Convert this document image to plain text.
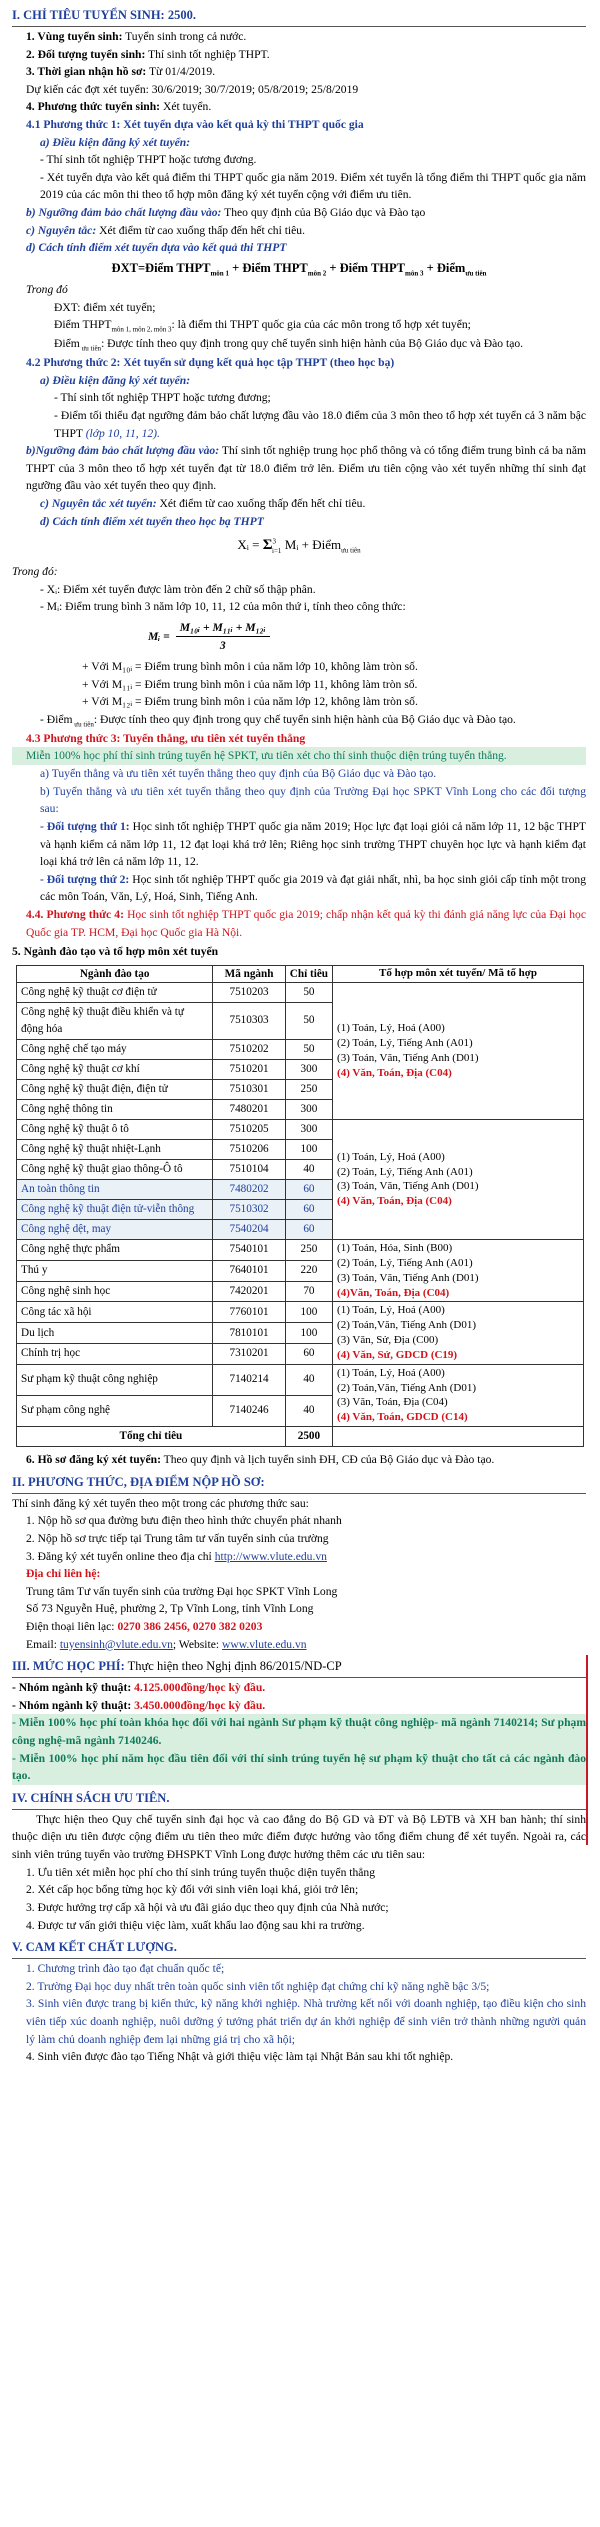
I. CHỈ TIÊU TUYỂN SINH: 2500.
1. Vùng tuyển sinh: Tuyển sinh trong cả nước.
2. Đối tượng tuyển sinh: Thí sinh tốt nghiệp THPT.
3. Thời gian nhận hồ sơ: Từ 01/4/2019.
Dự kiến các đợt xét tuyển: 30/6/2019; 30/7/2019; 05/8/2019; 25/8/2019
4. Phương thức tuyển sinh: Xét tuyển.
4.1 Phương thức 1: Xét tuyển dựa vào kết quả kỳ thi THPT quốc gia
a) Điều kiện đăng ký xét tuyển:
- Thí sinh tốt nghiệp THPT hoặc tương đương.
- Xét tuyển dựa vào kết quả điểm thi THPT quốc gia năm 2019. Điểm xét tuyển là tổng điểm thi THPT quốc gia năm 2019 của các môn thi theo tổ hợp môn đăng ký xét tuyển cộng với điểm ưu tiên.
b) Ngưỡng đảm bảo chất lượng đầu vào: Theo quy định của Bộ Giáo dục và Đào tạo
c) Nguyên tắc: Xét điểm từ cao xuống thấp đến hết chỉ tiêu.
d) Cách tính điểm xét tuyển dựa vào kết quả thi THPT
ĐXT=Điểm $THPT_{môn 1}$ + Điểm $THPT_{môn 2}$ + Điểm $THPT_{môn 3}$ + Điểm$_{ưu tiên}$
Trong đó
ĐXT: điểm xét tuyển;
Điểm $THPT_{môn 1, môn 2, môn 3}$: là điểm thi THPT quốc gia của các môn trong tổ hợp xét tuyển;
Điểm $_{ưu tiên}$: Được tính theo quy định trong quy chế tuyển sinh hiện hành của Bộ Giáo dục và Đào tạo.
4.2 Phương thức 2: Xét tuyển sử dụng kết quả học tập THPT (theo học bạ)
a) Điều kiện đăng ký xét tuyển:
- Thí sinh tốt nghiệp THPT hoặc tương đương;
- Điểm tối thiểu đạt ngưỡng đảm bảo chất lượng đầu vào 18.0 điểm của 3 môn theo tổ hợp xét tuyển cả 3 năm bậc THPT (lớp 10, 11, 12).
b)Ngưỡng đảm bảo chất lượng đầu vào: Thí sinh tốt nghiệp trung học phổ thông và có tổng điểm trung bình cả ba năm THPT của 3 môn theo tổ hợp xét tuyển đạt từ 18.0 điểm trở lên. Điểm ưu tiên cộng vào xét tuyển những thí sinh đạt ngưỡng đầu vào xét tuyển theo quy định.
c) Nguyên tắc xét tuyển: Xét điểm từ cao xuống thấp đến hết chỉ tiêu.
d) Cách tính điểm xét tuyển theo học bạ THPT
Xᵢ = $\Sigma^3_{i=1}$ Mᵢ + Điểm$_{ưu tiên}$
Trong đó:
- Xᵢ: Điểm xét tuyển được làm tròn đến 2 chữ số thập phân.
- Mᵢ: Điểm trung bình 3 năm lớp 10, 11, 12 của môn thứ i, tính theo công thức:
Mᵢ = $\frac{\text{M₁₀ᵢ + M₁₁ᵢ + M₁₂ᵢ}}{3}$
+ Với M₁₀ᵢ = Điểm trung bình môn i của năm lớp 10, không làm tròn số.
+ Với M₁₁ᵢ = Điểm trung bình môn i của năm lớp 11, không làm tròn số.
+ Với M₁₂ᵢ = Điểm trung bình môn i của năm lớp 12, không làm tròn số.
- Điểm $_{ưu tiên}$: Được tính theo quy định trong quy chế tuyển sinh hiện hành của Bộ Giáo dục và Đào tạo.
4.3 Phương thức 3: Tuyển thẳng, ưu tiên xét tuyển thẳng
Miễn 100% học phí thí sinh trúng tuyển hệ SPKT, ưu tiên xét cho thí sinh thuộc diện trúng tuyển thẳng.
a) Tuyển thẳng và ưu tiên xét tuyển thẳng theo quy định của Bộ Giáo dục và Đào tạo.
b) Tuyển thẳng và ưu tiên xét tuyển thẳng theo quy định của Trường Đại học SPKT Vĩnh Long cho các đối tượng sau:
- Đối tượng thứ 1: Học sinh tốt nghiệp THPT quốc gia năm 2019; Học lực đạt loại giỏi cả năm lớp 11, 12 bậc THPT và hạnh kiểm cả năm lớp 11, 12 đạt loại khá trở lên; Riêng học sinh trường THPT chuyên học lực và hạnh kiểm đạt loại khá trở lên cả năm lớp 11, 12.
- Đối tượng thứ 2: Học sinh tốt nghiệp THPT quốc gia 2019 và đạt giải nhất, nhì, ba học sinh giỏi cấp tỉnh một trong các môn Toán, Văn, Lý, Hoá, Sinh, Tiếng Anh.
4.4. Phương thức 4: Học sinh tốt nghiệp THPT quốc gia 2019; chấp nhận kết quả kỳ thi đánh giá năng lực của Đại học Quốc gia TP. HCM, Đại học Quốc gia Hà Nội.
5. Ngành đào tạo và tổ hợp môn xét tuyển
Ngành đào tạo	Mã ngành	Chỉ tiêu	Tổ hợp môn xét tuyển/ Mã tổ hợp
Công nghệ kỹ thuật cơ điện tử	7510203	50	(1) Toán, Lý, Hoá (A00)
(2) Toán, Lý, Tiếng Anh (A01)
(3) Toán, Văn, Tiếng Anh (D01)
(4) Văn, Toán, Địa (C04)

Công nghệ kỹ thuật điều khiển và tự động hóa	7510303	50	
Công nghệ chế tạo máy	7510202	50	
Công nghệ kỹ thuật cơ khí	7510201	300	
Công nghệ kỹ thuật điện, điện tử	7510301	250	
Công nghệ thông tin	7480201	300	
Công nghệ kỹ thuật ô tô	7510205	300	(1) Toán, Lý, Hoá (A00)
(2) Toán, Lý, Tiếng Anh (A01)
(3) Toán, Văn, Tiếng Anh (D01)
(4) Văn, Toán, Địa (C04)

Công nghệ kỹ thuật nhiệt-Lạnh	7510206	100	
Công nghệ kỹ thuật giao thông-Ô tô	7510104	40	
An toàn thông tin	7480202	60	
Công nghệ kỹ thuật điện tử-viễn thông	7510302	60	
Công nghệ dệt, may	7540204	60	
Công nghệ thực phẩm	7540101	250	(1) Toán, Hóa, Sinh (B00)
(2) Toán, Lý, Tiếng Anh (A01)
(3) Toán, Văn, Tiếng Anh (D01)
(4)Văn, Toán, Địa (C04)

Thú y	7640101	220	
Công nghệ sinh học	7420201	70	
Công tác xã hội	7760101	100	(1) Toán, Lý, Hoá (A00)
(2) Toán,Văn, Tiếng Anh (D01)
(3) Văn, Sử, Địa (C00)
(4) Văn, Sử, GDCD (C19)

Du lịch	7810101	100	
Chính trị học	7310201	60	
Sư phạm kỹ thuật công nghiệp	7140214	40	(1) Toán, Lý, Hoá (A00)
(2) Toán,Văn, Tiếng Anh (D01)
(3) Văn, Toán, Địa (C04)
(4) Văn, Toán, GDCD (C14)

Sư phạm công nghệ	7140246	40	
Tổng chỉ tiêu		2500	
6. Hồ sơ đăng ký xét tuyển: Theo quy định và lịch tuyển sinh ĐH, CĐ của Bộ Giáo dục và Đào tạo.
II. PHƯƠNG THỨC, ĐỊA ĐIỂM NỘP HỒ SƠ:
Thí sinh đăng ký xét tuyển theo một trong các phương thức sau:
1. Nộp hồ sơ qua đường bưu điện theo hình thức chuyển phát nhanh
2. Nộp hồ sơ trực tiếp tại Trung tâm tư vấn tuyển sinh của trường
3. Đăng ký xét tuyển online theo địa chỉ http://www.vlute.edu.vn
Địa chỉ liên hệ:
Trung tâm Tư vấn tuyển sinh của trường Đại học SPKT Vĩnh Long
Số 73 Nguyễn Huệ, phường 2, Tp Vĩnh Long, tỉnh Vĩnh Long
Điện thoại liên lạc: 0270 386 2456, 0270 382 0203
Email: tuyensinh@vlute.edu.vn; Website: www.vlute.edu.vn
III. MỨC HỌC PHÍ: Thực hiện theo Nghị định 86/2015/ND-CP
- Nhóm ngành kỹ thuật: 4.125.000đồng/học kỳ đầu.
- Nhóm ngành kỹ thuật: 3.450.000đồng/học kỳ đầu.
- Miễn 100% học phí toàn khóa học đối với hai ngành Sư phạm kỹ thuật công nghiệp- mã ngành 7140214; Sư phạm công nghệ-mã ngành 7140246.
- Miễn 100% học phí năm học đầu tiên đối với thí sinh trúng tuyển hệ sư phạm kỹ thuật cho tất cả các ngành đào tạo.
IV. CHÍNH SÁCH ƯU TIÊN.
Thực hiện theo Quy chế tuyển sinh đại học và cao đẳng do Bộ GD và ĐT và Bộ LĐTB và XH ban hành; thí sinh thuộc diện ưu tiên được cộng điểm ưu tiên theo mức điểm được hưởng vào tổng điểm chung để xét tuyển. Ngoài ra, các sinh viên trúng tuyển vào trường ĐHSPKT Vĩnh Long được hưởng thêm các ưu tiên sau:
1. Ưu tiên xét miễn học phí cho thí sinh trúng tuyển thuộc diện tuyển thẳng
2. Xét cấp học bổng từng học kỳ đối với sinh viên loại khá, giỏi trở lên;
3. Được hưởng trợ cấp xã hội và ưu đãi giáo dục theo quy định của Nhà nước;
4. Được tư vấn giới thiệu việc làm, xuất khẩu lao động sau khi ra trường.
V. CAM KẾT CHẤT LƯỢNG.
1. Chương trình đào tạo đạt chuẩn quốc tế;
2. Trường Đại học duy nhất trên toàn quốc sinh viên tốt nghiệp đạt chứng chỉ kỹ năng nghề bậc 3/5;
3. Sinh viên được trang bị kiến thức, kỹ năng khởi nghiệp. Nhà trường kết nối với doanh nghiệp, tạo điều kiện cho sinh viên tiếp xúc doanh nghiệp, nuôi dưỡng ý tưởng phát triển dự án khởi nghiệp để sinh viên trở thành những người quản lý làm chủ doanh nghiệp đem lại những giá trị cho xã hội;
4. Sinh viên được đào tạo Tiếng Nhật và giới thiệu việc làm tại Nhật Bản sau khi tốt nghiệp.
